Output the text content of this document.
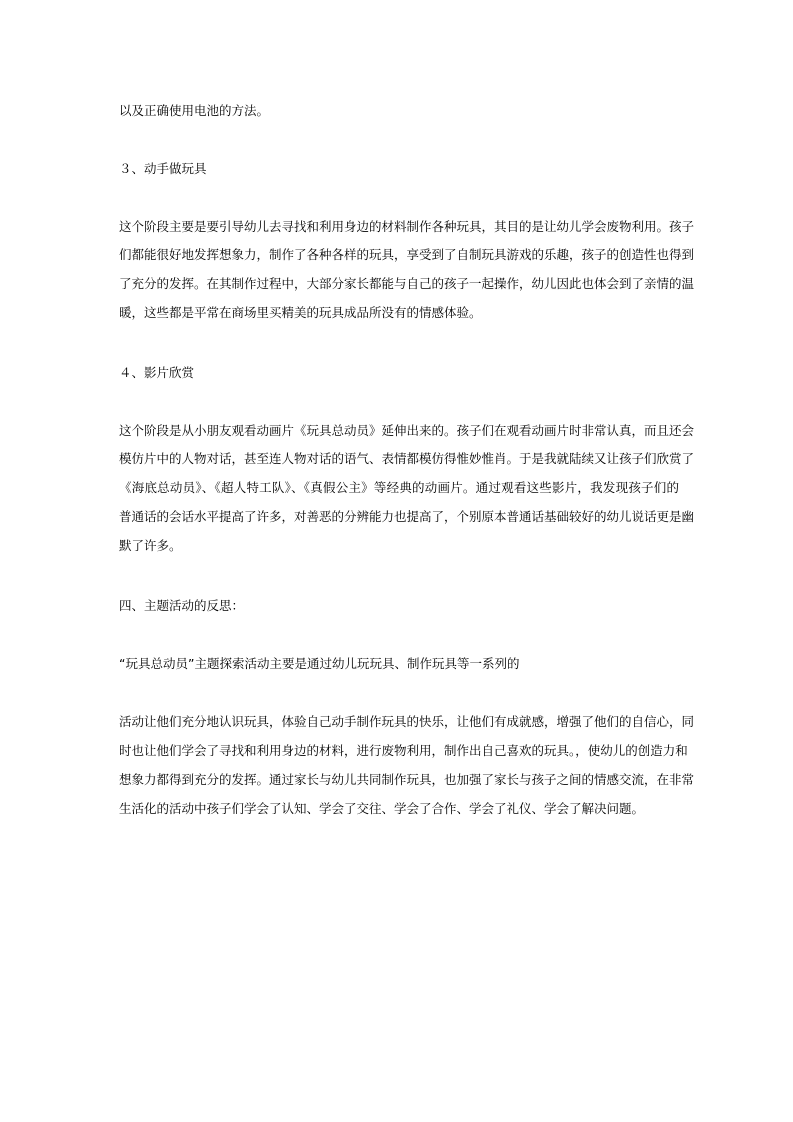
以及正确使用电池的方法。
３、动手做玩具
这个阶段主要是要引导幼儿去寻找和利用身边的材料制作各种玩具，其目的是让幼儿学会废物利用。孩子
们都能很好地发挥想象力，制作了各种各样的玩具，享受到了自制玩具游戏的乐趣，孩子的创造性也得到
了充分的发挥。在其制作过程中，大部分家长都能与自己的孩子一起操作，幼儿因此也体会到了亲情的温
暖，这些都是平常在商场里买精美的玩具成品所没有的情感体验。
４、影片欣赏
这个阶段是从小朋友观看动画片《玩具总动员》延伸出来的。孩子们在观看动画片时非常认真，而且还会
模仿片中的人物对话，甚至连人物对话的语气、表情都模仿得惟妙惟肖。于是我就陆续又让孩子们欣赏了
《海底总动员》、《超人特工队》、《真假公主》等经典的动画片。通过观看这些影片，我发现孩子们的
普通话的会话水平提高了许多，对善恶的分辨能力也提高了，个别原本普通话基础较好的幼儿说话更是幽
默了许多。
四、主题活动的反思：
“玩具总动员”主题探索活动主要是通过幼儿玩玩具、制作玩具等一系列的
活动让他们充分地认识玩具，体验自己动手制作玩具的快乐，让他们有成就感，增强了他们的自信心，同
时也让他们学会了寻找和利用身边的材料，进行废物利用，制作出自己喜欢的玩具。，使幼儿的创造力和
想象力都得到充分的发挥。通过家长与幼儿共同制作玩具，也加强了家长与孩子之间的情感交流，在非常
生活化的活动中孩子们学会了认知、学会了交往、学会了合作、学会了礼仪、学会了解决问题。
